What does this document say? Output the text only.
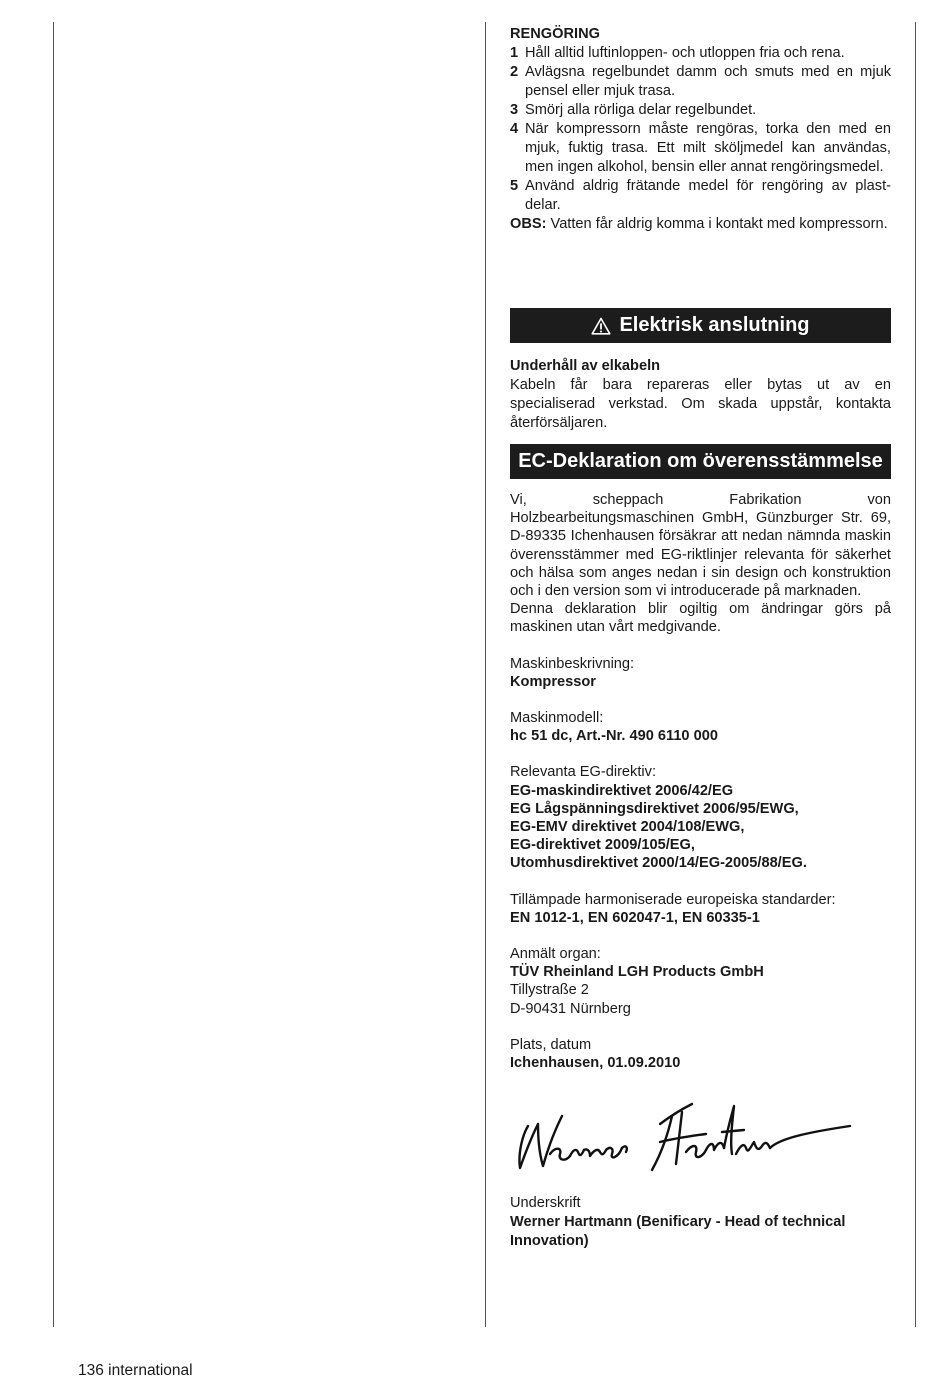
RENGÖRING
1 Håll alltid luftinloppen- och utloppen fria och rena.
2 Avlägsna regelbundet damm och smuts med en mjuk pensel eller mjuk trasa.
3 Smörj alla rörliga delar regelbundet.
4 När kompressorn måste rengöras, torka den med en mjuk, fuktig trasa. Ett milt sköljmedel kan användas, men ingen alkohol, bensin eller annat rengöringsmedel.
5 Använd aldrig frätande medel för rengöring av plast-delar.
OBS: Vatten får aldrig komma i kontakt med kompressorn.
Elektrisk anslutning
Underhåll av elkabeln
Kabeln får bara repareras eller bytas ut av en specialiserad verkstad. Om skada uppstår, kontakta återförsäljaren.
EC-Deklaration om överensstämmelse
Vi, scheppach Fabrikation von Holzbearbeitungsmaschinen GmbH, Günzburger Str. 69, D-89335 Ichenhausen försäkrar att nedan nämnda maskin överensstämmer med EG-riktlinjer relevanta för säkerhet och hälsa som anges nedan i sin design och konstruktion och i den version som vi introducerade på marknaden.
Denna deklaration blir ogiltig om ändringar görs på maskinen utan vårt medgivande.
Maskinbeskrivning:
Kompressor
Maskinmodell:
hc 51 dc, Art.-Nr. 490 6110 000
Relevanta EG-direktiv:
EG-maskindirektivet 2006/42/EG
EG Lågspänningsdirektivet 2006/95/EWG,
EG-EMV direktivet 2004/108/EWG,
EG-direktivet 2009/105/EG,
Utomhusdirektivet 2000/14/EG-2005/88/EG.
Tillämpade harmoniserade europeiska standarder:
EN 1012-1, EN 602047-1, EN 60335-1
Anmält organ:
TÜV Rheinland LGH Products GmbH
Tillystraße 2
D-90431 Nürnberg
Plats, datum
Ichenhausen, 01.09.2010
Underskrift
Werner Hartmann (Benificary - Head of technical Innovation)
136 international
